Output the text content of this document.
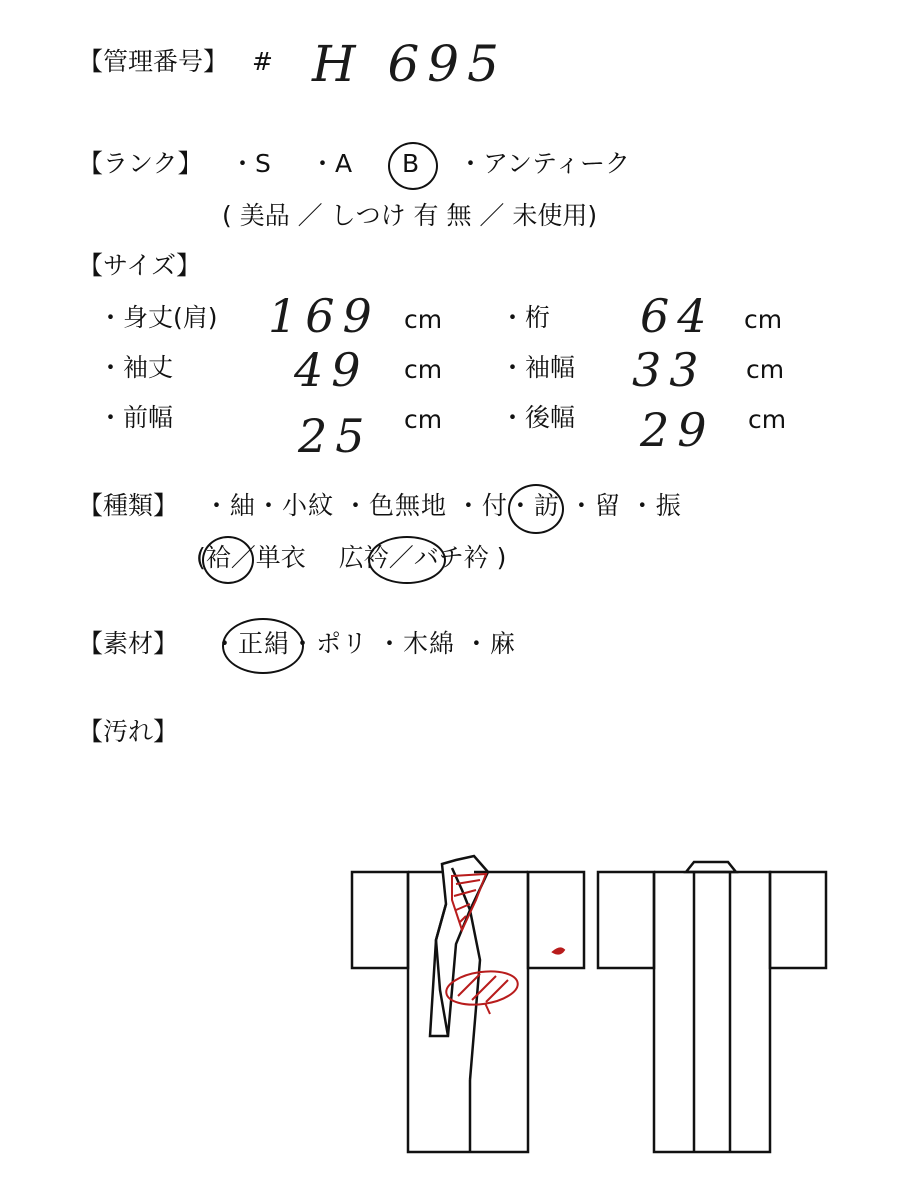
【管理番号】 # H 695
【ランク】 ・S ・A B ・アンティーク
( 美品 ／ しつけ 有 無 ／ 未使用)
【サイズ】
・身丈(肩) 169 cm ・桁 64 cm
・袖丈	49 cm ・袖幅 33 cm
・前幅	25 cm ・後幅 29 cm
【種類】 ・紬・小紋 ・色無地 ・付・訪 ・留 ・振
(袷／単衣　 広衿／バチ衿 )
【素材】 ・正絹・ポリ ・木綿 ・麻
【汚れ】
